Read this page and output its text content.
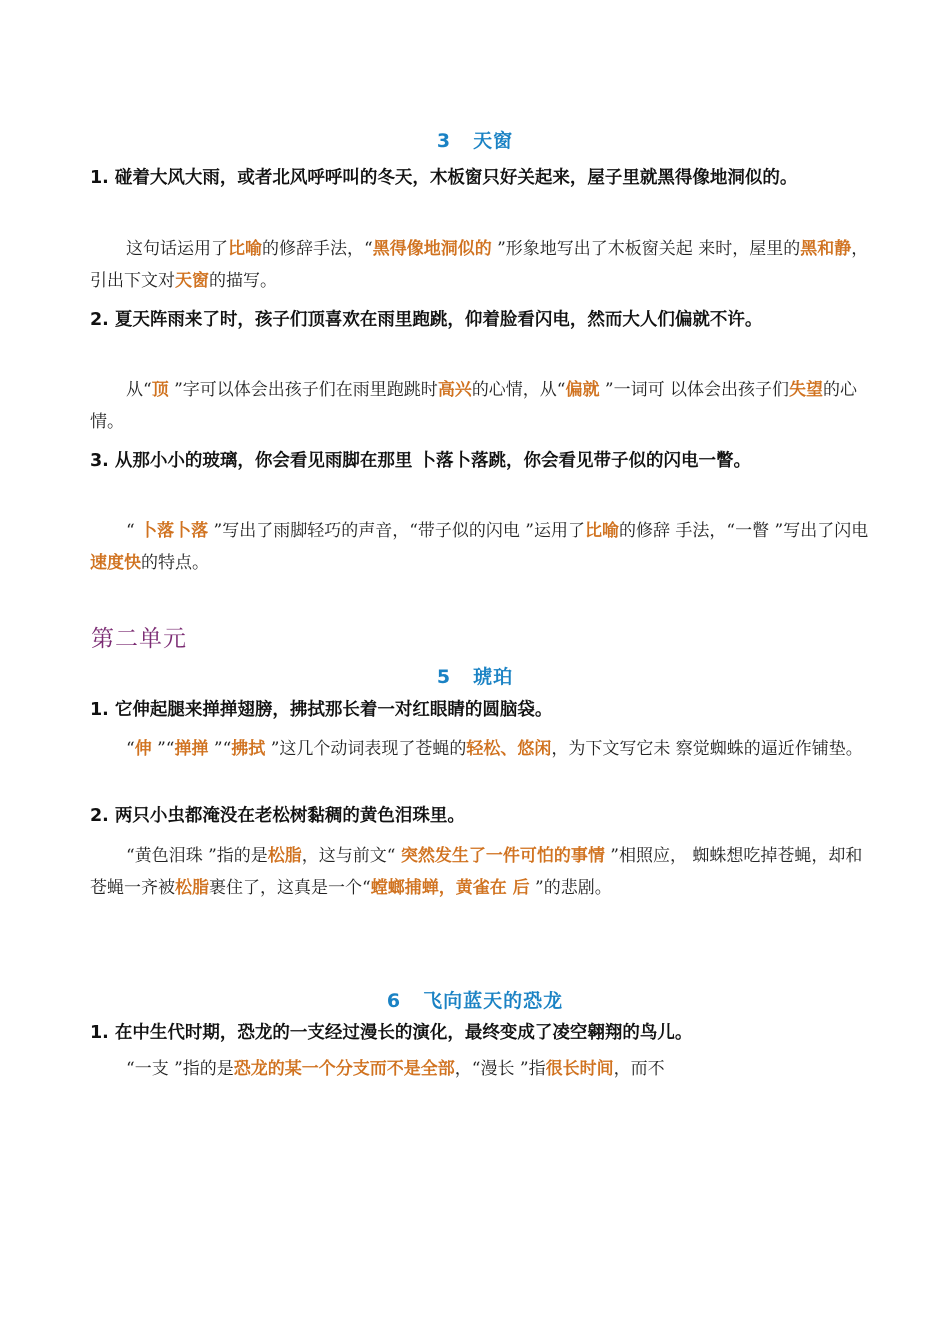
3 天窗
1. 碰着大风大雨，或者北风呼呼叫的冬天，木板窗只好关起来，屋子里就黑得像地洞似的。
这句话运用了比喻的修辞手法，“黑得像地洞似的 ”形象地写出了木板窗关起 来时，屋里的黑和静，引出下文对天窗的描写。
2. 夏天阵雨来了时，孩子们顶喜欢在雨里跑跳，仰着脸看闪电，然而大人们偏就不许。
从“顶 ”字可以体会出孩子们在雨里跑跳时高兴的心情，从“偏就 ”一词可 以体会出孩子们失望的心情。
3. 从那小小的玻璃，你会看见雨脚在那里 卜落卜落跳，你会看见带子似的闪电一瞥。
“ 卜落卜落 ”写出了雨脚轻巧的声音，“带子似的闪电 ”运用了比喻的修辞 手法，“一瞥 ”写出了闪电速度快的特点。
第二单元
5 琥珀
1. 它伸起腿来掸掸翅膀，拂拭那长着一对红眼睛的圆脑袋。
“伸 ”“掸掸 ”“拂拭 ”这几个动词表现了苍蝇的轻松、悠闲，为下文写它未 察觉蜘蛛的逼近作铺垫。
2. 两只小虫都淹没在老松树黏稠的黄色泪珠里。
“黄色泪珠 ”指的是松脂，这与前文“ 突然发生了一件可怕的事情 ”相照应， 蜘蛛想吃掉苍蝇，却和苍蝇一齐被松脂裹住了，这真是一个“螳螂捕蝉，黄雀在 后 ”的悲剧。
6 飞向蓝天的恐龙
1. 在中生代时期，恐龙的一支经过漫长的演化，最终变成了凌空翱翔的鸟儿。
“一支 ”指的是恐龙的某一个分支而不是全部，“漫长 ”指很长时间，而不
